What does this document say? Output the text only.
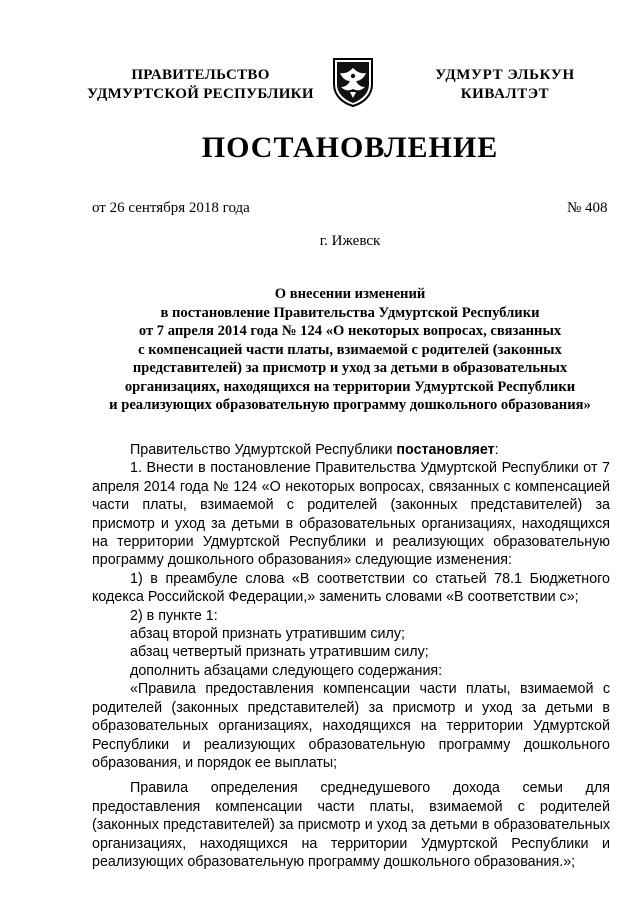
ПРАВИТЕЛЬСТВО
УДМУРТСКОЙ РЕСПУБЛИКИ
УДМУРТ ЭЛЬКУН
КИВАЛТЭТ
ПОСТАНОВЛЕНИЕ
от 26 сентября 2018 года	№ 408
г. Ижевск
О внесении изменений
в постановление Правительства Удмуртской Республики
от 7 апреля 2014 года № 124 «О некоторых вопросах, связанных
с компенсацией части платы, взимаемой с родителей (законных
представителей) за присмотр и уход за детьми в образовательных
организациях, находящихся на территории Удмуртской Республики
и реализующих образовательную программу дошкольного образования»

Правительство Удмуртской Республики постановляет:

1. Внести в постановление Правительства Удмуртской Республики от 7 апреля 2014 года № 124 «О некоторых вопросах, связанных с компенсацией части платы, взимаемой с родителей (законных представителей) за присмотр и уход за детьми в образовательных организациях, находящихся на территории Удмуртской Республики и реализующих образовательную программу дошкольного образования» следующие изменения:

1) в преамбуле слова «В соответствии со статьей 78.1 Бюджетного кодекса Российской Федерации,» заменить словами «В соответствии с»;

2) в пункте 1:

абзац второй признать утратившим силу;

абзац четвертый признать утратившим силу;

дополнить абзацами следующего содержания:

«Правила предоставления компенсации части платы, взимаемой с родителей (законных представителей) за присмотр и уход за детьми в образовательных организациях, находящихся на территории Удмуртской Республики и реализующих образовательную программу дошкольного образования, и порядок ее выплаты;

Правила определения среднедушевого дохода семьи для предоставления компенсации части платы, взимаемой с родителей (законных представителей) за присмотр и уход за детьми в образовательных организациях, находящихся на территории Удмуртской Республики и реализующих образовательную программу дошкольного образования.»;
